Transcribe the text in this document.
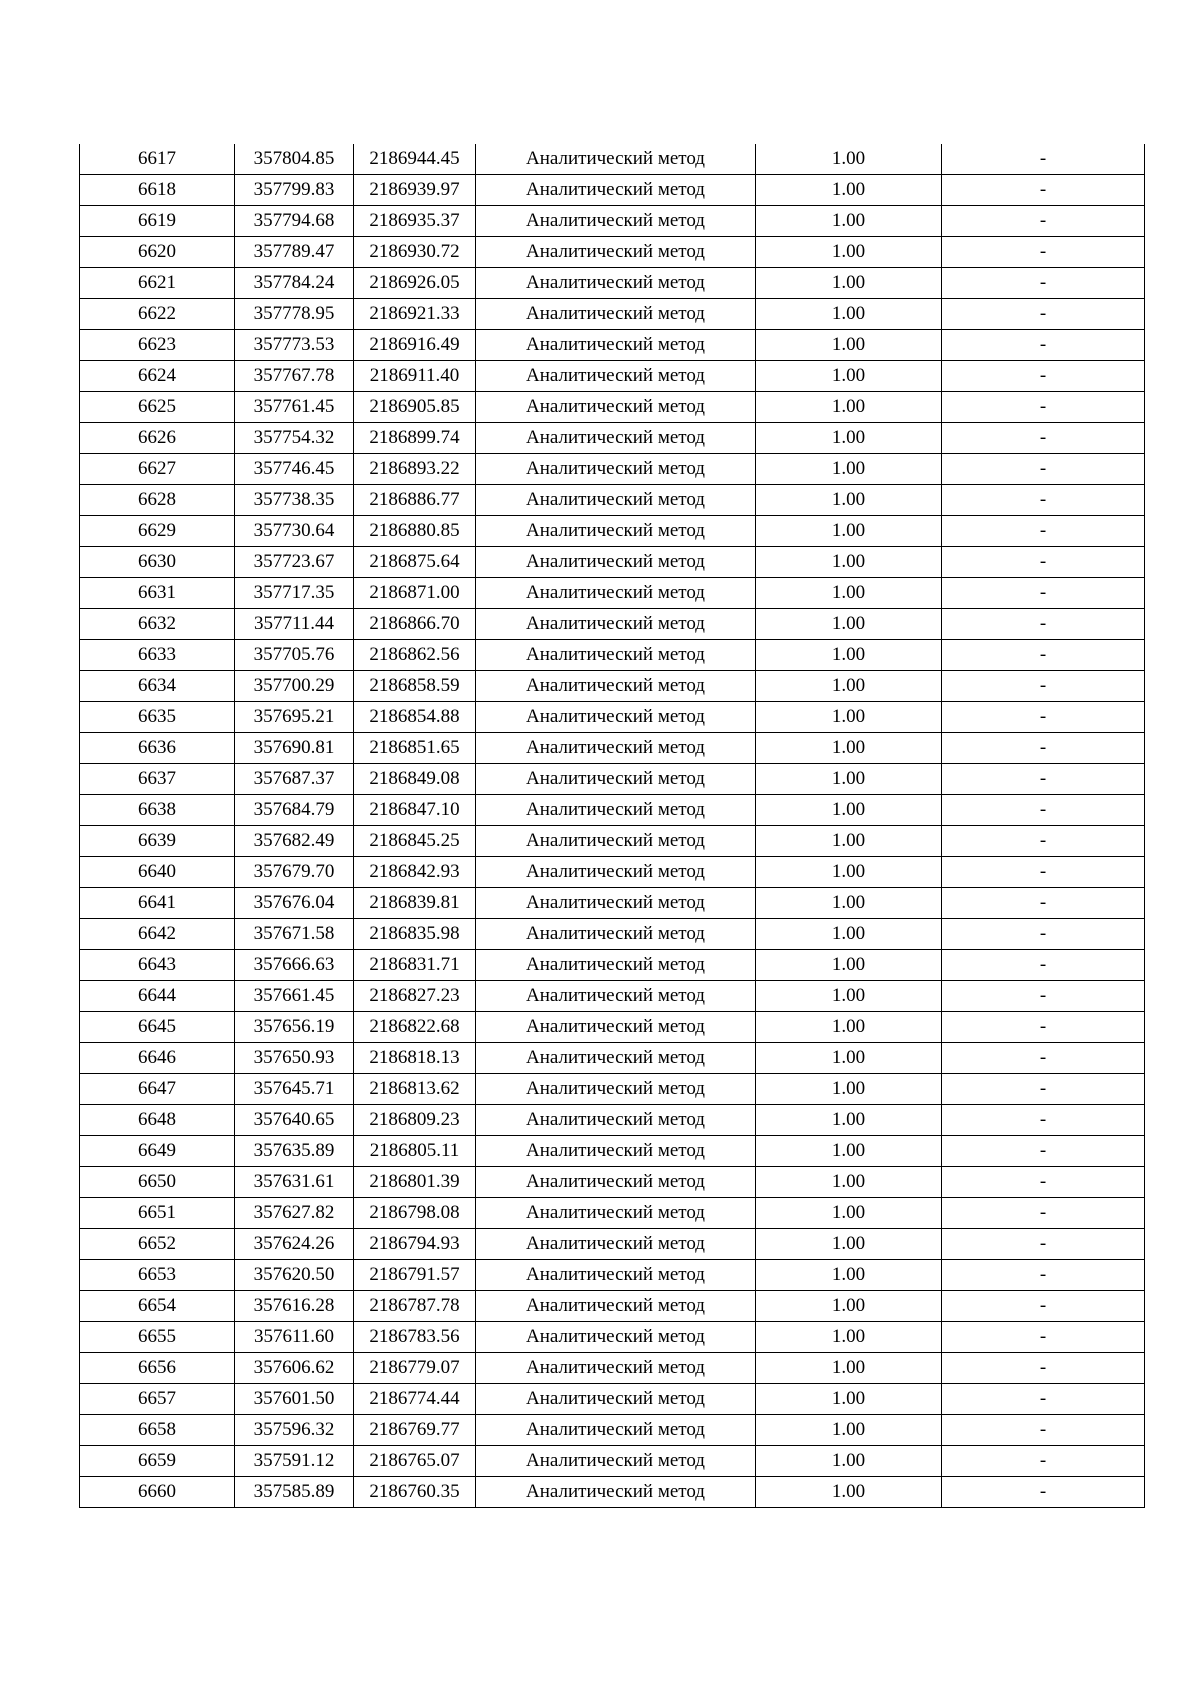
6617	357804.85	2186944.45	Аналитический метод	1.00	-
6618	357799.83	2186939.97	Аналитический метод	1.00	-
6619	357794.68	2186935.37	Аналитический метод	1.00	-
6620	357789.47	2186930.72	Аналитический метод	1.00	-
6621	357784.24	2186926.05	Аналитический метод	1.00	-
6622	357778.95	2186921.33	Аналитический метод	1.00	-
6623	357773.53	2186916.49	Аналитический метод	1.00	-
6624	357767.78	2186911.40	Аналитический метод	1.00	-
6625	357761.45	2186905.85	Аналитический метод	1.00	-
6626	357754.32	2186899.74	Аналитический метод	1.00	-
6627	357746.45	2186893.22	Аналитический метод	1.00	-
6628	357738.35	2186886.77	Аналитический метод	1.00	-
6629	357730.64	2186880.85	Аналитический метод	1.00	-
6630	357723.67	2186875.64	Аналитический метод	1.00	-
6631	357717.35	2186871.00	Аналитический метод	1.00	-
6632	357711.44	2186866.70	Аналитический метод	1.00	-
6633	357705.76	2186862.56	Аналитический метод	1.00	-
6634	357700.29	2186858.59	Аналитический метод	1.00	-
6635	357695.21	2186854.88	Аналитический метод	1.00	-
6636	357690.81	2186851.65	Аналитический метод	1.00	-
6637	357687.37	2186849.08	Аналитический метод	1.00	-
6638	357684.79	2186847.10	Аналитический метод	1.00	-
6639	357682.49	2186845.25	Аналитический метод	1.00	-
6640	357679.70	2186842.93	Аналитический метод	1.00	-
6641	357676.04	2186839.81	Аналитический метод	1.00	-
6642	357671.58	2186835.98	Аналитический метод	1.00	-
6643	357666.63	2186831.71	Аналитический метод	1.00	-
6644	357661.45	2186827.23	Аналитический метод	1.00	-
6645	357656.19	2186822.68	Аналитический метод	1.00	-
6646	357650.93	2186818.13	Аналитический метод	1.00	-
6647	357645.71	2186813.62	Аналитический метод	1.00	-
6648	357640.65	2186809.23	Аналитический метод	1.00	-
6649	357635.89	2186805.11	Аналитический метод	1.00	-
6650	357631.61	2186801.39	Аналитический метод	1.00	-
6651	357627.82	2186798.08	Аналитический метод	1.00	-
6652	357624.26	2186794.93	Аналитический метод	1.00	-
6653	357620.50	2186791.57	Аналитический метод	1.00	-
6654	357616.28	2186787.78	Аналитический метод	1.00	-
6655	357611.60	2186783.56	Аналитический метод	1.00	-
6656	357606.62	2186779.07	Аналитический метод	1.00	-
6657	357601.50	2186774.44	Аналитический метод	1.00	-
6658	357596.32	2186769.77	Аналитический метод	1.00	-
6659	357591.12	2186765.07	Аналитический метод	1.00	-
6660	357585.89	2186760.35	Аналитический метод	1.00	-
